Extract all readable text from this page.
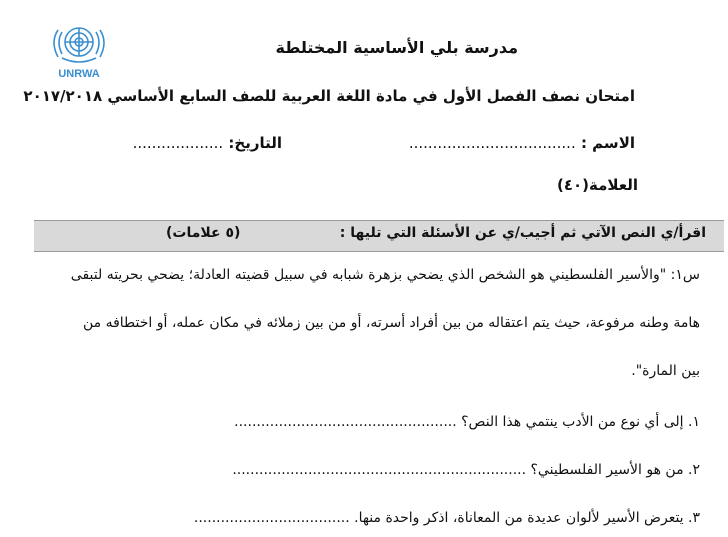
UNRWA
مدرسة بلي الأساسية المختلطة
امتحان نصف الفصل الأول في مادة اللغة العربية للصف السابع الأساسي ٢٠١٧/٢٠١٨
الاسم : ...................................
التاريخ: ...................
العلامة(٤٠)
اقرأ/ي النص الآتي ثم أجيب/ي عن الأسئلة التي تليها :
(٥ علامات)
س١: "والأسير الفلسطيني هو الشخص الذي يضحي بزهرة شبابه في سبيل قضيته العادلة؛ يضحي بحريته لتبقى
هامة وطنه مرفوعة، حيث يتم اعتقاله من بين أفراد أسرته، أو من بين زملائه في مكان عمله، أو اختطافه من
بين المارة".
١. إلى أي نوع من الأدب ينتمي هذا النص؟ ..................................................
٢. من هو الأسير الفلسطيني؟ ..................................................................
٣. يتعرض الأسير لألوان عديدة من المعاناة، اذكر واحدة منها. ...................................
